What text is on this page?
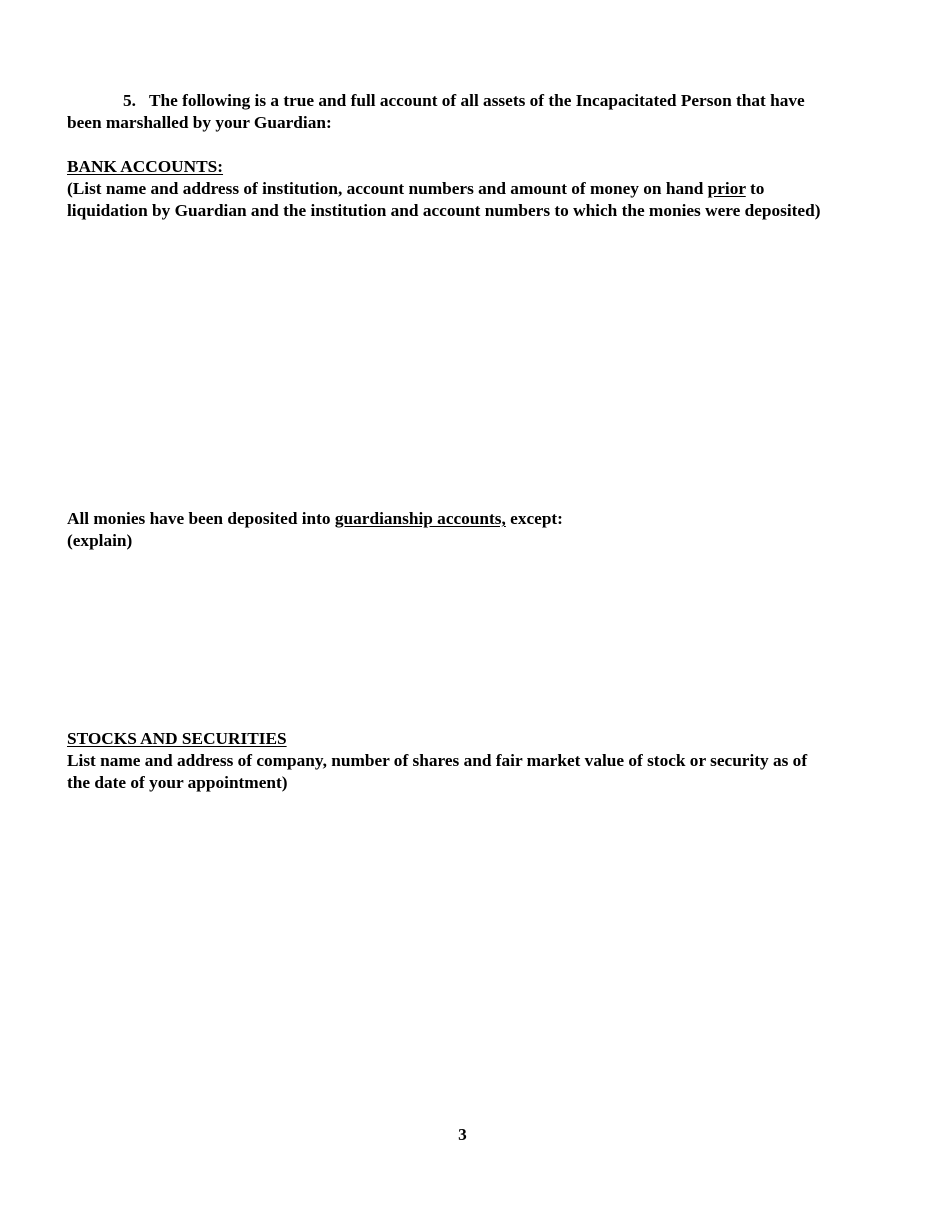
5. The following is a true and full account of all assets of the Incapacitated Person that have
been marshalled by your Guardian:
BANK ACCOUNTS:
(List name and address of institution, account numbers and amount of money on hand prior to
liquidation by Guardian and the institution and account numbers to which the monies were deposited)
All monies have been deposited into guardianship accounts, except:
(explain)
STOCKS AND SECURITIES
List name and address of company, number of shares and fair market value of stock or security as of
the date of your appointment)
3
